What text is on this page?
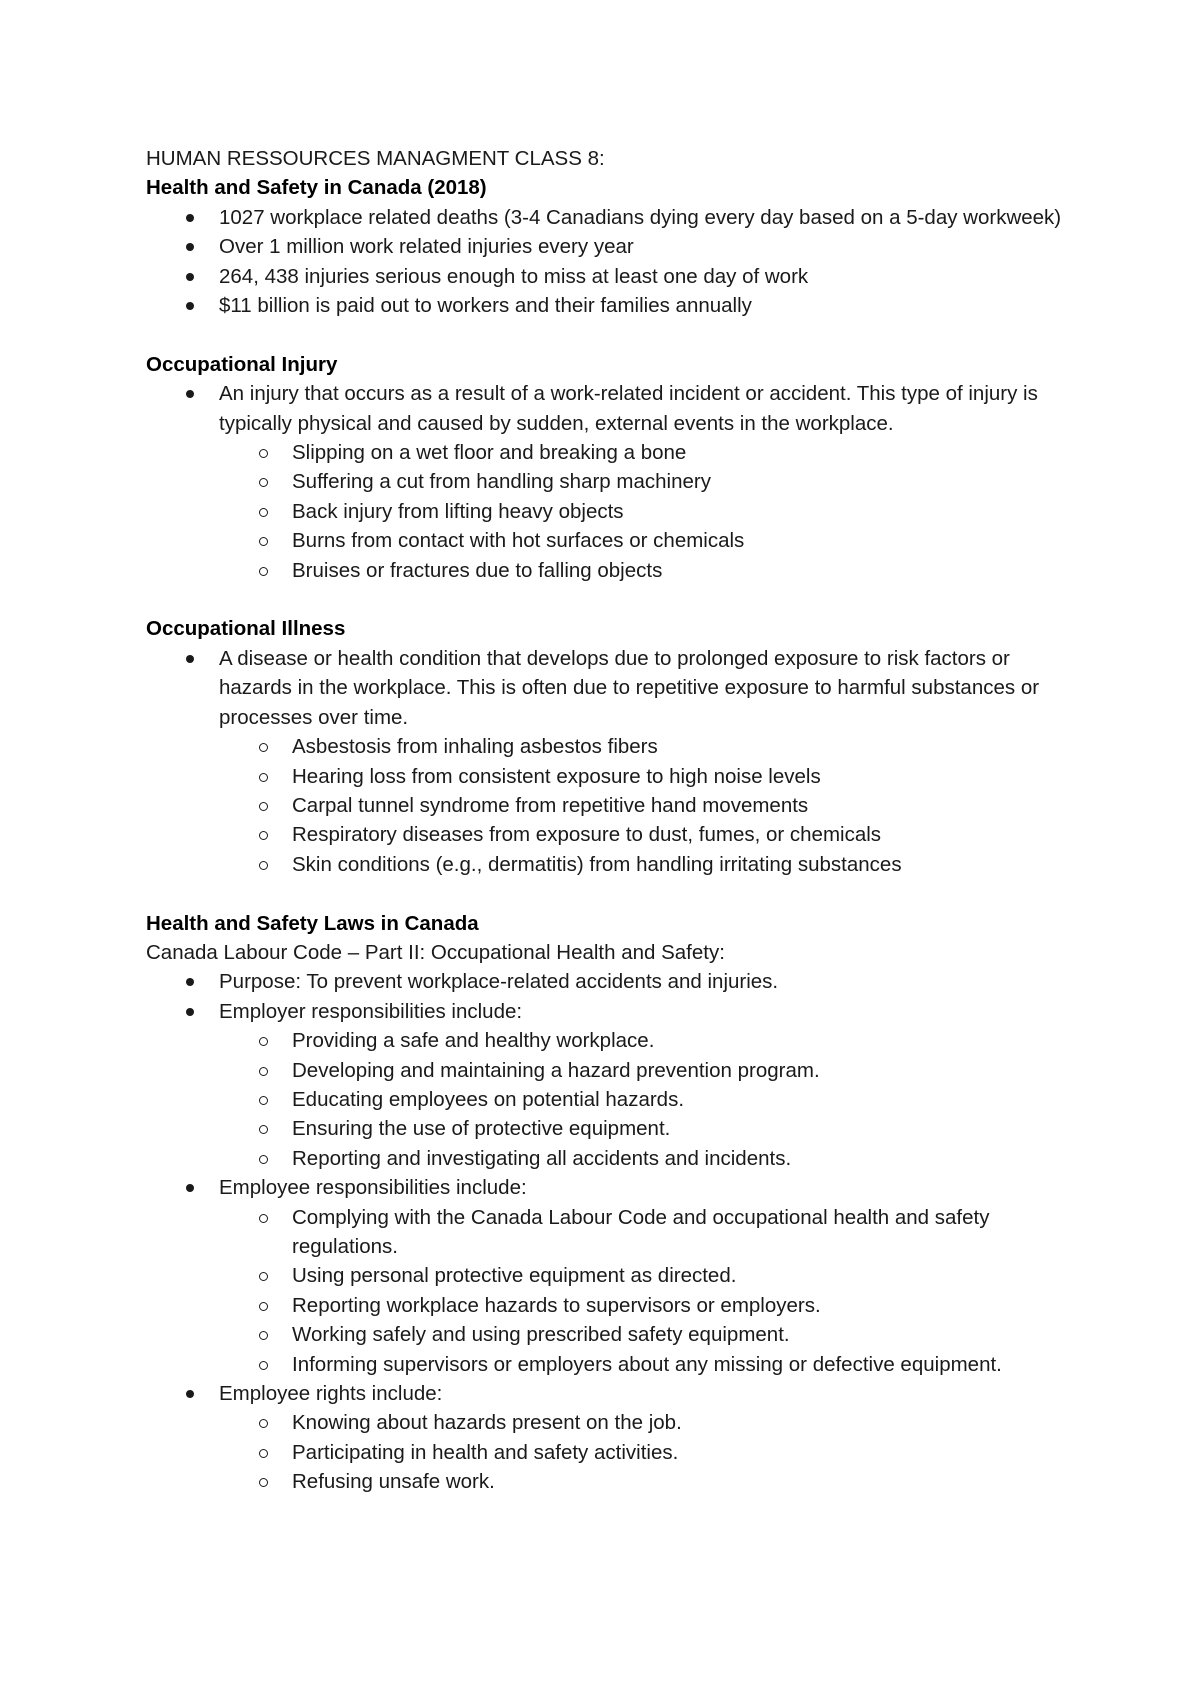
HUMAN RESSOURCES MANAGMENT CLASS 8:

Health and Safety in Canada (2018)

1027 workplace related deaths (3-4 Canadians dying every day based on a 5-day workweek)
Over 1 million work related injuries every year
264, 438 injuries serious enough to miss at least one day of work
$11 billion is paid out to workers and their families annually

Occupational Injury

An injury that occurs as a result of a work-related incident or accident. This type of injury is typically physical and caused by sudden, external events in the workplace.
Slipping on a wet floor and breaking a bone
Suffering a cut from handling sharp machinery
Back injury from lifting heavy objects
Burns from contact with hot surfaces or chemicals
Bruises or fractures due to falling objects

Occupational Illness

A disease or health condition that develops due to prolonged exposure to risk factors or hazards in the workplace. This is often due to repetitive exposure to harmful substances or processes over time.
Asbestosis from inhaling asbestos fibers
Hearing loss from consistent exposure to high noise levels
Carpal tunnel syndrome from repetitive hand movements
Respiratory diseases from exposure to dust, fumes, or chemicals
Skin conditions (e.g., dermatitis) from handling irritating substances

Health and Safety Laws in Canada

Canada Labour Code – Part II: Occupational Health and Safety:

Purpose: To prevent workplace-related accidents and injuries.
Employer responsibilities include:
Providing a safe and healthy workplace.
Developing and maintaining a hazard prevention program.
Educating employees on potential hazards.
Ensuring the use of protective equipment.
Reporting and investigating all accidents and incidents.
Employee responsibilities include:
Complying with the Canada Labour Code and occupational health and safety regulations.
Using personal protective equipment as directed.
Reporting workplace hazards to supervisors or employers.
Working safely and using prescribed safety equipment.
Informing supervisors or employers about any missing or defective equipment.
Employee rights include:
Knowing about hazards present on the job.
Participating in health and safety activities.
Refusing unsafe work.
